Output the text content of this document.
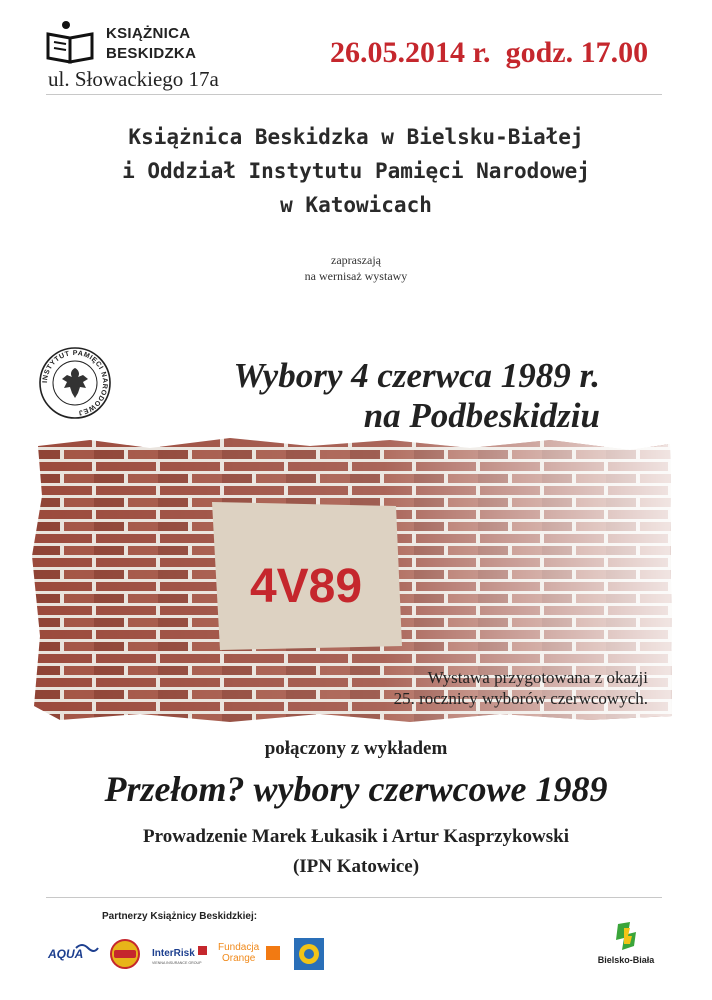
KSIĄŻNICA
BESKIDZKA
ul. Słowackiego 17a
26.05.2014 r. godz. 17.00
Książnica Beskidzka w Bielsku-Białej
i Oddział Instytutu Pamięci Narodowej
w Katowicach
zapraszają
na wernisaż wystawy
INSTYTUT PAMIĘCI NARODOWEJ
Wybory 4 czerwca 1989 r.
na Podbeskidziu
4V89
Wystawa przygotowana z okazji
25. rocznicy wyborów czerwcowych.
połączony z wykładem
Przełom? wybory czerwcowe 1989
Prowadzenie Marek Łukasik i Artur Kasprzykowski
(IPN Katowice)
Partnerzy Książnicy Beskidzkiej:
AQUA	InterRisk
VIENNA INSURANCE GROUP
Fundacja
Orange	Bielsko-Biała
